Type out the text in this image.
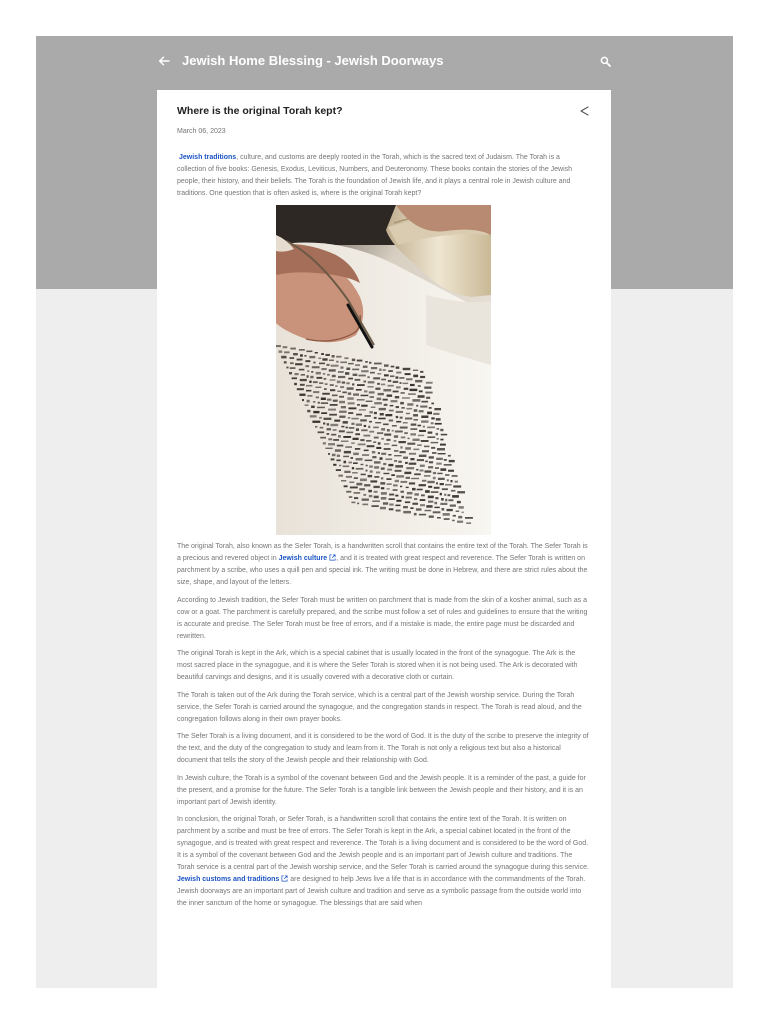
Jewish Home Blessing - Jewish Doorways
Where is the original Torah kept?
March 06, 2023

Jewish traditions, culture, and customs are deeply rooted in the Torah, which is the sacred text of Judaism. The Torah is a collection of five books: Genesis, Exodus, Leviticus, Numbers, and Deuteronomy. These books contain the stories of the Jewish people, their history, and their beliefs. The Torah is the foundation of Jewish life, and it plays a central role in Jewish culture and traditions. One question that is often asked is, where is the original Torah kept?

The original Torah, also known as the Sefer Torah, is a handwritten scroll that contains the entire text of the Torah. The Sefer Torah is a precious and revered object in Jewish culture , and it is treated with great respect and reverence. The Sefer Torah is written on parchment by a scribe, who uses a quill pen and special ink. The writing must be done in Hebrew, and there are strict rules about the size, shape, and layout of the letters.

According to Jewish tradition, the Sefer Torah must be written on parchment that is made from the skin of a kosher animal, such as a cow or a goat. The parchment is carefully prepared, and the scribe must follow a set of rules and guidelines to ensure that the writing is accurate and precise. The Sefer Torah must be free of errors, and if a mistake is made, the entire page must be discarded and rewritten.

The original Torah is kept in the Ark, which is a special cabinet that is usually located in the front of the synagogue. The Ark is the most sacred place in the synagogue, and it is where the Sefer Torah is stored when it is not being used. The Ark is decorated with beautiful carvings and designs, and it is usually covered with a decorative cloth or curtain.

The Torah is taken out of the Ark during the Torah service, which is a central part of the Jewish worship service. During the Torah service, the Sefer Torah is carried around the synagogue, and the congregation stands in respect. The Torah is read aloud, and the congregation follows along in their own prayer books.

The Sefer Torah is a living document, and it is considered to be the word of God. It is the duty of the scribe to preserve the integrity of the text, and the duty of the congregation to study and learn from it. The Torah is not only a religious text but also a historical document that tells the story of the Jewish people and their relationship with God.

In Jewish culture, the Torah is a symbol of the covenant between God and the Jewish people. It is a reminder of the past, a guide for the present, and a promise for the future. The Sefer Torah is a tangible link between the Jewish people and their history, and it is an important part of Jewish identity.

In conclusion, the original Torah, or Sefer Torah, is a handwritten scroll that contains the entire text of the Torah. It is written on parchment by a scribe and must be free of errors. The Sefer Torah is kept in the Ark, a special cabinet located in the front of the synagogue, and is treated with great respect and reverence. The Torah is a living document and is considered to be the word of God. It is a symbol of the covenant between God and the Jewish people and is an important part of Jewish culture and traditions. The Torah service is a central part of the Jewish worship service, and the Sefer Torah is carried around the synagogue during this service. Jewish customs and traditions are designed to help Jews live a life that is in accordance with the commandments of the Torah. Jewish doorways are an important part of Jewish culture and tradition and serve as a symbolic passage from the outside world into the inner sanctum of the home or synagogue. The blessings that are said when
